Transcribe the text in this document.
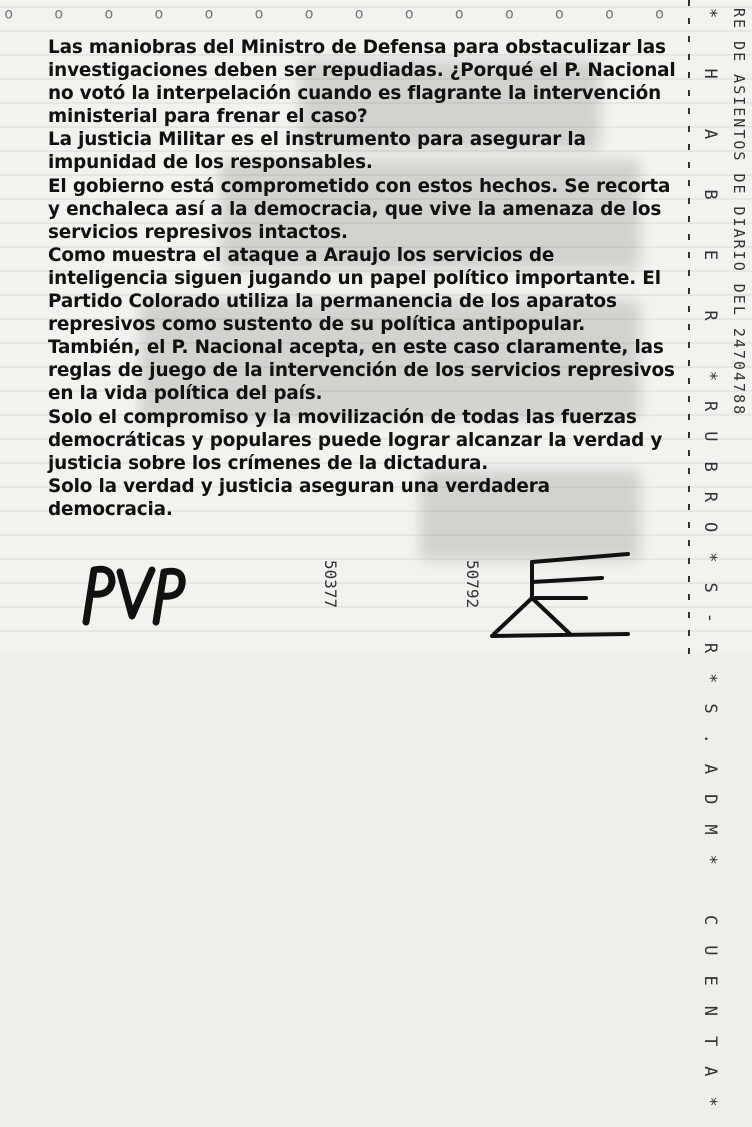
o
o
o
o
o
o
o
o
o
o
o
o
o
o

Las maniobras del Ministro de Defensa para obstaculizar las investigaciones deben ser repudiadas. ¿Porqué el P. Nacional no votó la interpelación cuando es flagrante la intervención ministerial para frenar el caso?

La justicia Militar es el instrumento para asegurar la impunidad de los responsables.

El gobierno está comprometido con estos hechos. Se recorta y enchaleca así a la democracia, que vive la amenaza de los servicios represivos intactos.

Como muestra el ataque a Araujo los servicios de inteligencia siguen jugando un papel político importante. El Partido Colorado utiliza la permanencia de los aparatos represivos como sustento de su política antipopular.

También, el P. Nacional acepta, en este caso claramente, las reglas de juego de la intervención de los servicios represivos en la vida política del país.

Solo el compromiso y la movilización de todas las fuerzas democráticas y populares puede lograr alcanzar la verdad y justicia sobre los crímenes de la dictadura.

Solo la verdad y justicia aseguran una verdadera democracia.	* H A B E R *RUBRO*S-R*S.ADM* CUENTA* RE DE ASIENTOS DE DIARIO DEL 24704788
50377	50792
